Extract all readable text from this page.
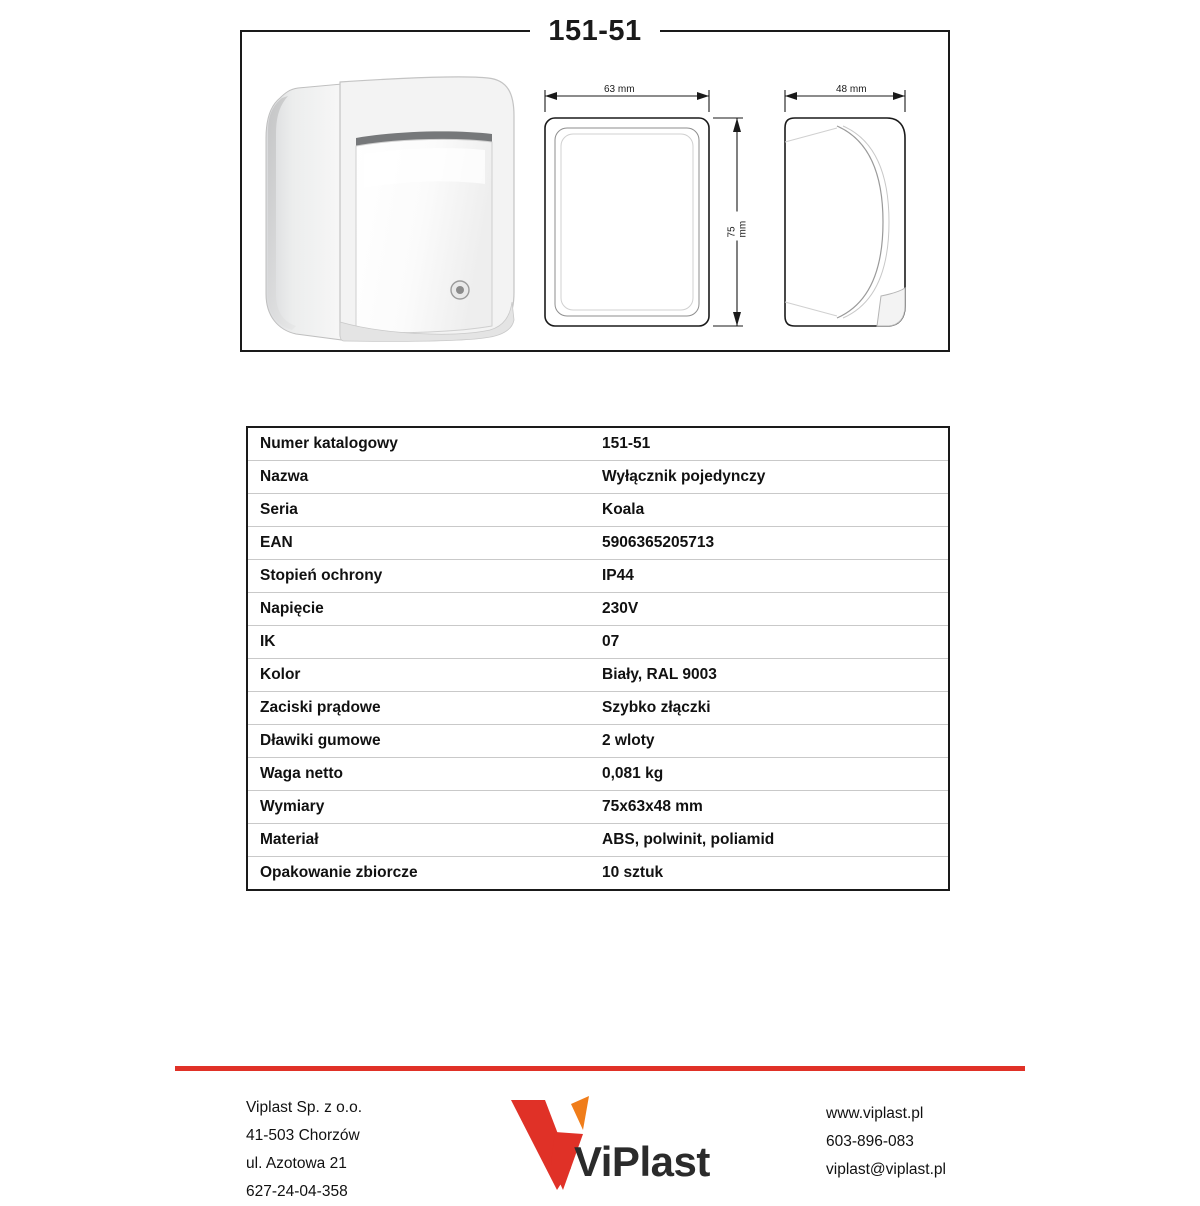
63 mm
75 mm
48 mm
151-51
Numer katalogowy	151-51
Nazwa	Wyłącznik pojedynczy
Seria	Koala
EAN	5906365205713
Stopień ochrony	IP44
Napięcie	230V
IK	07
Kolor	Biały, RAL 9003
Zaciski prądowe	Szybko złączki
Dławiki gumowe	2 wloty
Waga netto	0,081 kg
Wymiary	75x63x48 mm
Materiał	ABS, polwinit, poliamid
Opakowanie zbiorcze	10 sztuk
Viplast Sp. z o.o.
41-503 Chorzów
ul. Azotowa 21
627-24-04-358
ViPlast
www.viplast.pl
603-896-083
viplast@viplast.pl
